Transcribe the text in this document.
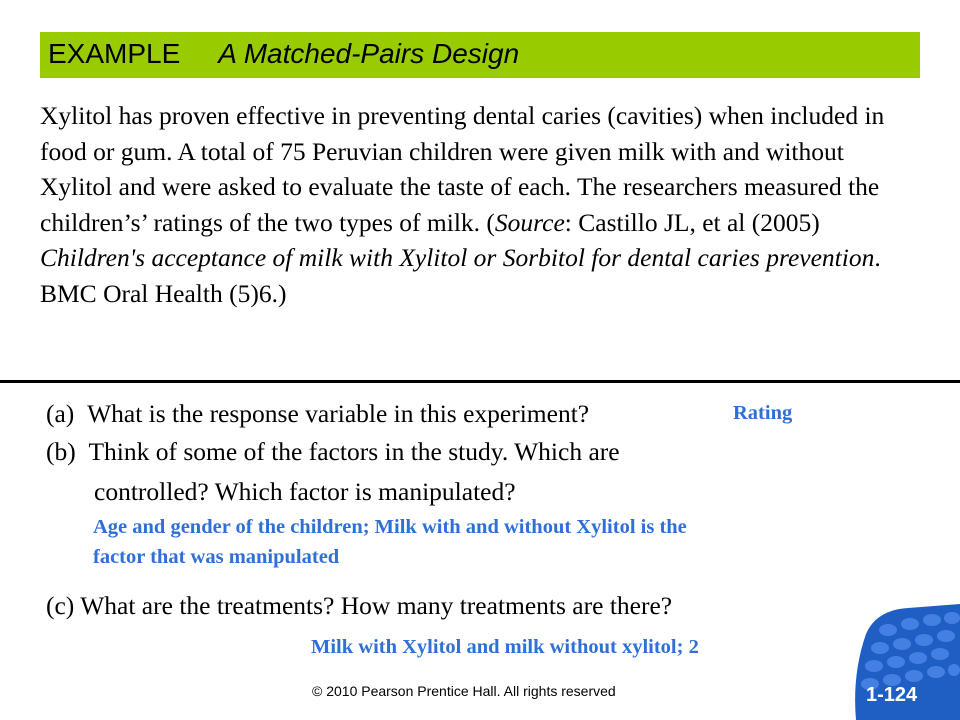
EXAMPLE A Matched-Pairs Design

Xylitol has proven effective in preventing dental caries (cavities) when included in food or gum. A total of 75 Peruvian children were given milk with and without Xylitol and were asked to evaluate the taste of each. The researchers measured the children’s’ ratings of the two types of milk. (Source: Castillo JL, et al (2005) Children's acceptance of milk with Xylitol or Sorbitol for dental caries prevention. BMC Oral Health (5)6.)

(a) What is the response variable in this experiment?	Rating

(b) Think of some of the factors in the study. Which are

controlled? Which factor is manipulated?

Age and gender of the children; Milk with and without Xylitol is the
factor that was manipulated

(c) What are the treatments? How many treatments are there?

Milk with Xylitol and milk without xylitol; 2
© 2010 Pearson Prentice Hall. All rights reserved	1-124
